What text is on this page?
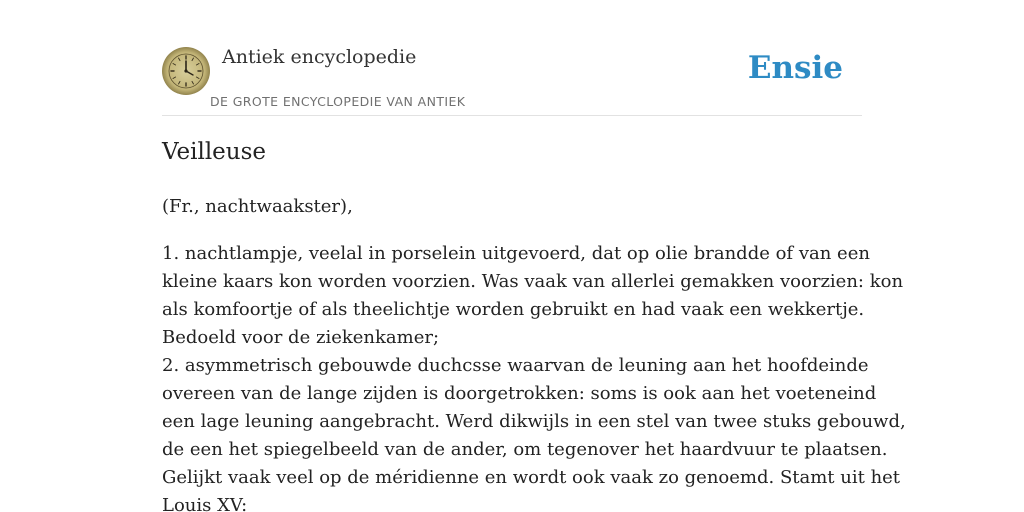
Antiek encyclopedie
DE GROTE ENCYCLOPEDIE VAN ANTIEK
Ensie
Veilleuse

(Fr., nachtwaakster),

1. nachtlampje, veelal in porselein uitgevoerd, dat op olie brandde of van een
kleine kaars kon worden voorzien. Was vaak van allerlei gemakken voorzien: kon
als komfoortje of als theelichtje worden gebruikt en had vaak een wekkertje.
Bedoeld voor de ziekenkamer;
2. asymmetrisch gebouwde duchcsse waarvan de leuning aan het hoofdeinde
overeen van de lange zijden is doorgetrokken: soms is ook aan het voeteneind
een lage leuning aangebracht. Werd dikwijls in een stel van twee stuks gebouwd,
de een het spiegelbeeld van de ander, om tegenover het haardvuur te plaatsen.
Gelijkt vaak veel op de méridienne en wordt ook vaak zo genoemd. Stamt uit het
Louis XV:
